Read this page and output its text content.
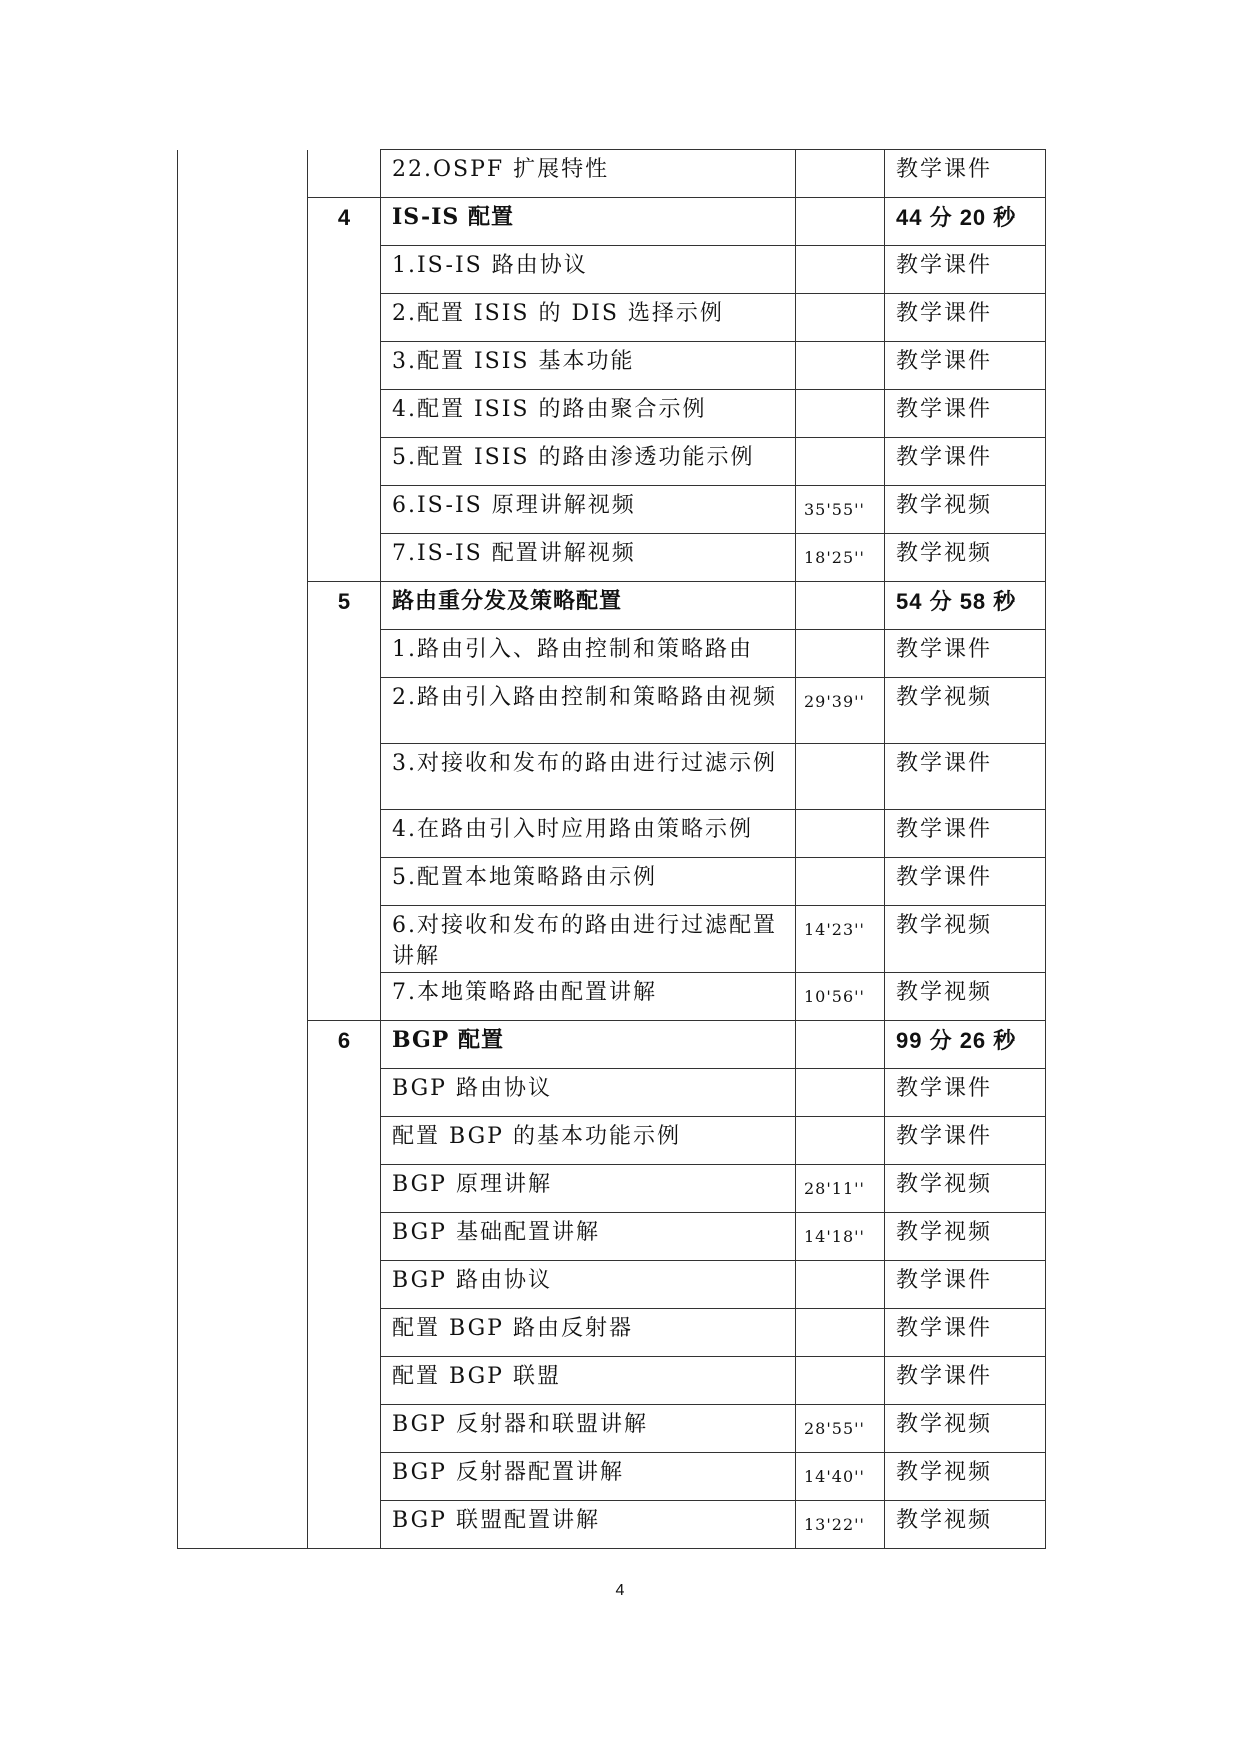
		22.OSPF 扩展特性		教学课件
	4	IS-IS 配置		44 分 20 秒
		1.IS-IS 路由协议		教学课件
		2.配置 ISIS 的 DIS 选择示例		教学课件
		3.配置 ISIS 基本功能		教学课件
		4.配置 ISIS 的路由聚合示例		教学课件
		5.配置 ISIS 的路由渗透功能示例		教学课件
		6.IS-IS 原理讲解视频	35'55''	教学视频
		7.IS-IS 配置讲解视频	18'25''	教学视频
	5	路由重分发及策略配置		54 分 58 秒
		1.路由引入、路由控制和策略路由		教学课件
		2.路由引入路由控制和策略路由视频	29'39''	教学视频
		3.对接收和发布的路由进行过滤示例		教学课件
		4.在路由引入时应用路由策略示例		教学课件
		5.配置本地策略路由示例		教学课件
		6.对接收和发布的路由进行过滤配置讲解	14'23''	教学视频
		7.本地策略路由配置讲解	10'56''	教学视频
	6	BGP 配置		99 分 26 秒
		BGP 路由协议		教学课件
		配置 BGP 的基本功能示例		教学课件
		BGP 原理讲解	28'11''	教学视频
		BGP 基础配置讲解	14'18''	教学视频
		BGP 路由协议		教学课件
		配置 BGP 路由反射器		教学课件
		配置 BGP 联盟		教学课件
		BGP 反射器和联盟讲解	28'55''	教学视频
		BGP 反射器配置讲解	14'40''	教学视频
		BGP 联盟配置讲解	13'22''	教学视频
4
